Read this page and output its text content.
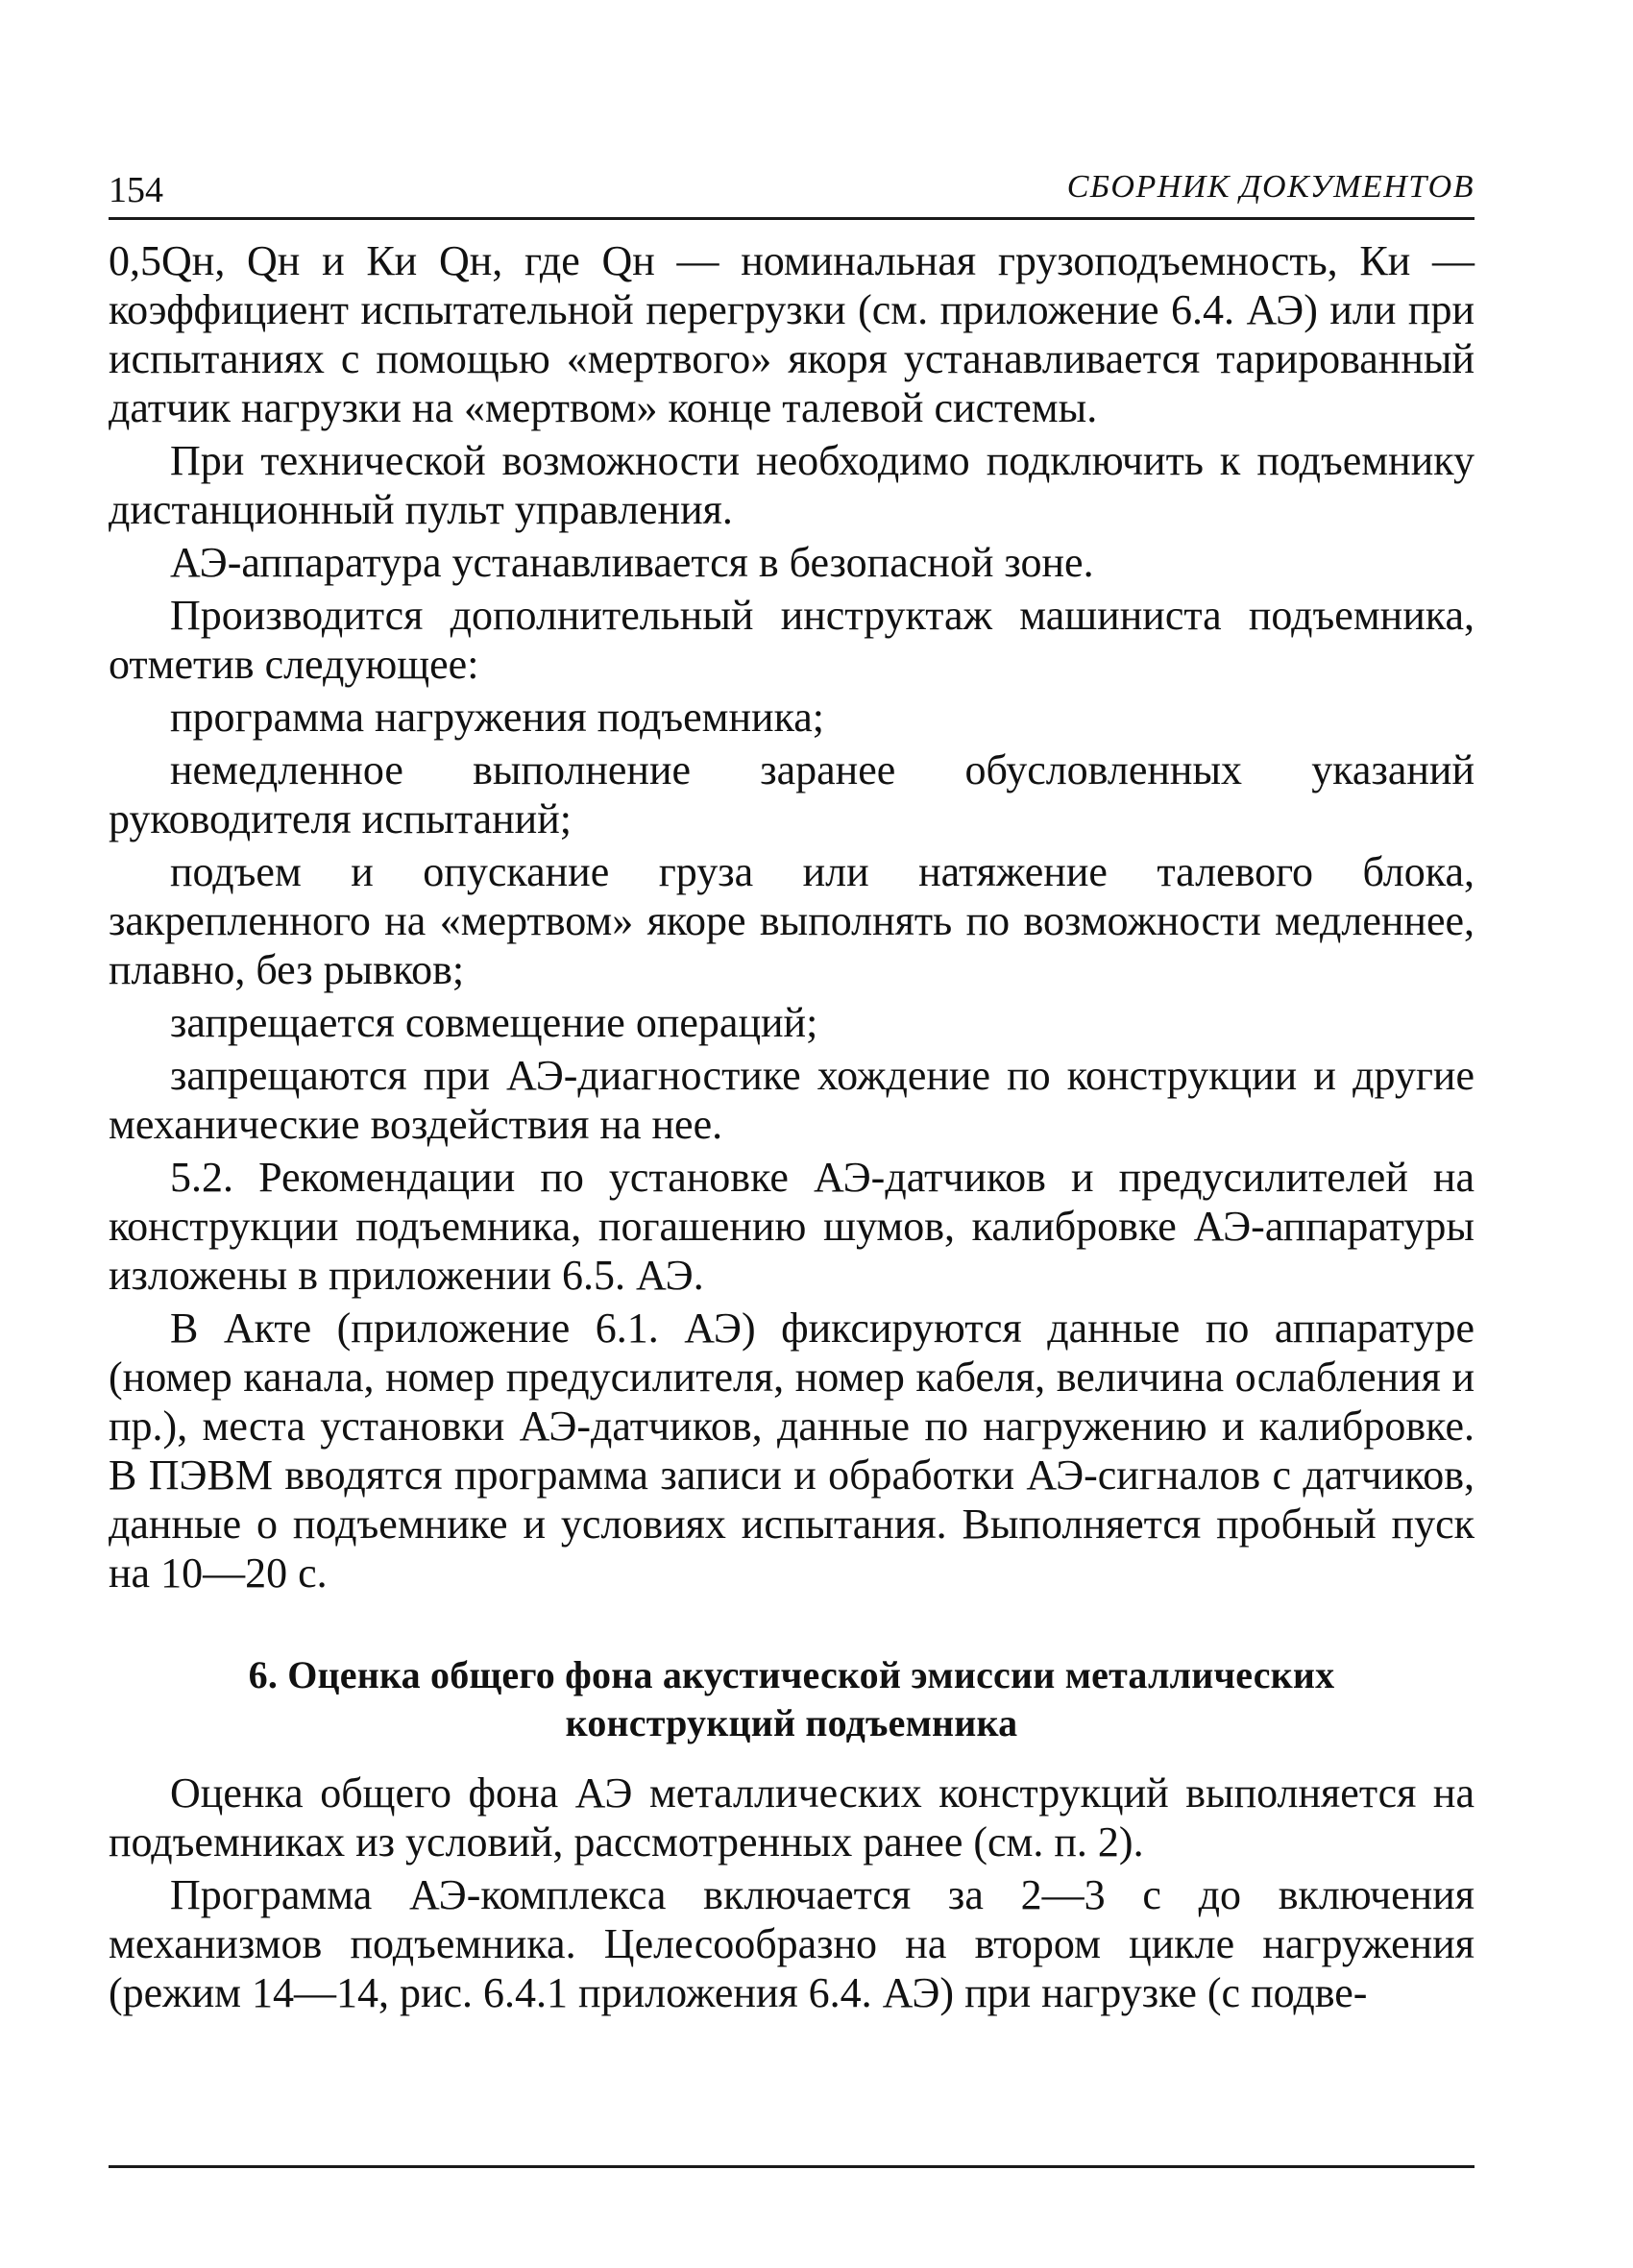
154	СБОРНИК ДОКУМЕНТОВ

0,5Qн, Qн и Ки Qн, где Qн — номинальная грузоподъемность, Ки — коэффициент испытательной перегрузки (см. приложение 6.4. АЭ) или при испытаниях с помощью «мертвого» якоря устанавливается тарированный датчик нагрузки на «мертвом» конце талевой системы.

При технической возможности необходимо подключить к подъемнику дистанционный пульт управления.

АЭ-аппаратура устанавливается в безопасной зоне.

Производится дополнительный инструктаж машиниста подъемника, отметив следующее:

программа нагружения подъемника;

немедленное выполнение заранее обусловленных указаний руководителя испытаний;

подъем и опускание груза или натяжение талевого блока, закрепленного на «мертвом» якоре выполнять по возможности медленнее, плавно, без рывков;

запрещается совмещение операций;

запрещаются при АЭ-диагностике хождение по конструкции и другие механические воздействия на нее.

5.2. Рекомендации по установке АЭ-датчиков и предусилителей на конструкции подъемника, погашению шумов, калибровке АЭ-аппаратуры изложены в приложении 6.5. АЭ.

В Акте (приложение 6.1. АЭ) фиксируются данные по аппаратуре (номер канала, номер предусилителя, номер кабеля, величина ослабления и пр.), места установки АЭ-датчиков, данные по нагружению и калибровке. В ПЭВМ вводятся программа записи и обработки АЭ-сигналов с датчиков, данные о подъемнике и условиях испытания. Выполняется пробный пуск на 10—20 с.

6. Оценка общего фона акустической эмиссии металлических
конструкций подъемника

Оценка общего фона АЭ металлических конструкций выполняется на подъемниках из условий, рассмотренных ранее (см. п. 2).

Программа АЭ-комплекса включается за 2—3 с до включения механизмов подъемника. Целесообразно на втором цикле нагружения (режим 14—14, рис. 6.4.1 приложения 6.4. АЭ) при нагрузке (с подве-
